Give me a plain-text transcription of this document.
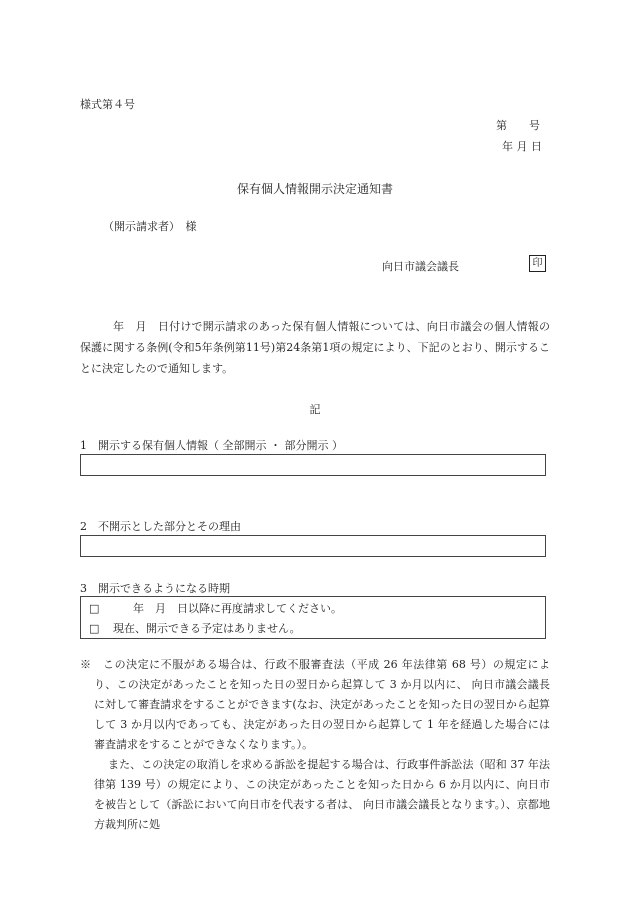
様式第４号
第　　号
年 月 日
保有個人情報開示決定通知書
（開示請求者）　様
向日市議会議長	印
年　月　日付けで開示請求のあった保有個人情報については、向日市議会の個人情報の保護に関する条例(令和5年条例第11号)第24条第1項の規定により、下記のとおり、開示することに決定したので通知します。
記
1　開示する保有個人情報（ 全部開示 ・ 部分開示 ）
2　不開示とした部分とその理由
3　開示できるようになる時期
□	年　月　日以降に再度請求してください。
□ 現在、開示できる予定はありません。

※　この決定に不服がある場合は、行政不服審査法（平成 26 年法律第 68 号）の規定により、この決定があったことを知った日の翌日から起算して 3 か月以内に、 向日市議会議長に対して審査請求をすることができます(なお、決定があったことを知った日の翌日から起算して 3 か月以内であっても、決定があった日の翌日から起算して 1 年を経過した場合には審査請求をすることができなくなります。）。

また、この決定の取消しを求める訴訟を提起する場合は、行政事件訴訟法（昭和 37 年法律第 139 号）の規定により、この決定があったことを知った日から 6 か月以内に、向日市を被告として（訴訟において向日市を代表する者は、 向日市議会議長となります。）、京都地方裁判所に処
